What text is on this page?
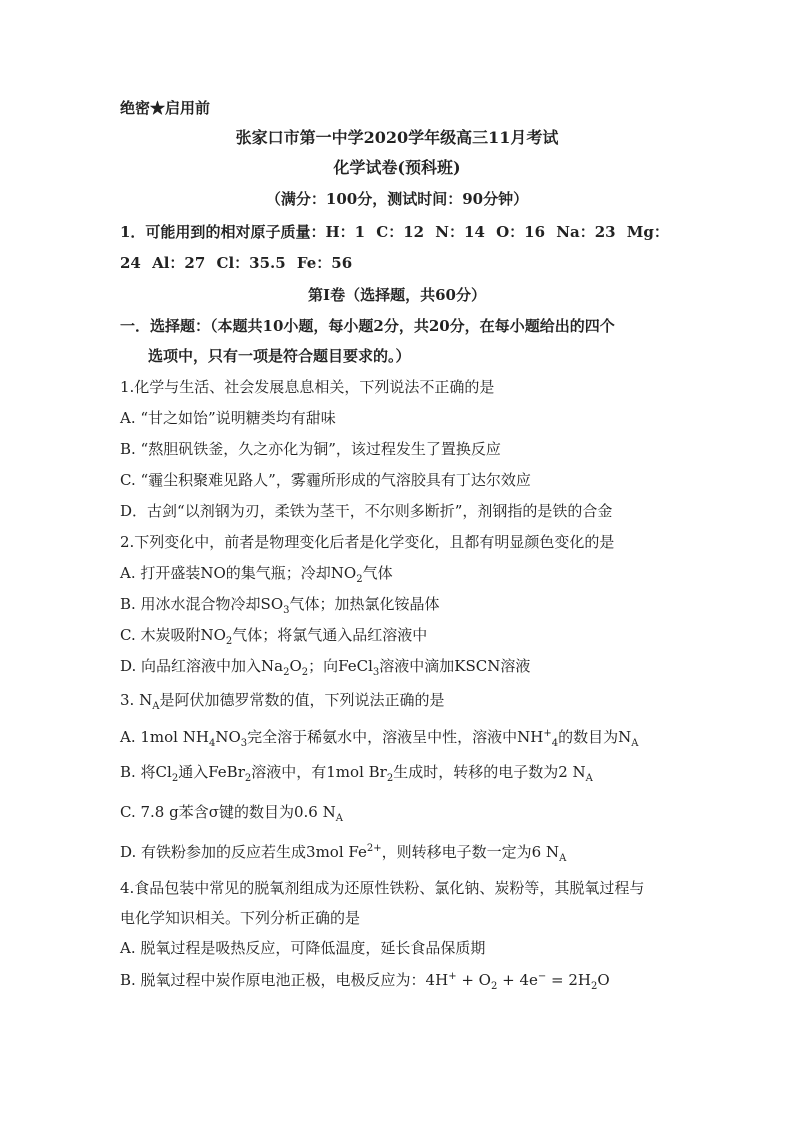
绝密★启用前
张家口市第一中学2020学年级高三11月考试
化学试卷(预科班)
（满分：100分，测试时间：90分钟）
1．可能用到的相对原子质量：H：1 C：12 N：14 O：16 Na：23 Mg：
24 Al：27 Cl：35.5 Fe：56
第Ⅰ卷（选择题，共60分）
一．选择题：（本题共10小题，每小题2分，共20分，在每小题给出的四个
选项中，只有一项是符合题目要求的。）
1.化学与生活、社会发展息息相关，下列说法不正确的是
A. “甘之如饴”说明糖类均有甜味
B. “熬胆矾铁釜，久之亦化为铜”，该过程发生了置换反应
C. “霾尘积聚难见路人”，雾霾所形成的气溶胶具有丁达尔效应
D．古剑“以剂钢为刃，柔铁为茎干，不尔则多断折”，剂钢指的是铁的合金
2.下列变化中，前者是物理变化后者是化学变化，且都有明显颜色变化的是
A. 打开盛装NO的集气瓶；冷却$NO_2$气体
B. 用冰水混合物冷却$SO_3$气体；加热氯化铵晶体
C. 木炭吸附$NO_2$气体；将氯气通入品红溶液中
D. 向品红溶液中加入$Na_2O_2$；向FeCl$_3$溶液中滴加KSCN溶液
3. $N_A$是阿伏加德罗常数的值，下列说法正确的是
A. 1mol $NH_4NO_3$完全溶于稀氨水中，溶液呈中性，溶液中$NH^+_4$的数目为$N_A$
B. 将$Cl_2$通入FeBr$_2$溶液中，有1mol $Br_2$生成时，转移的电子数为2 $N_A$
C. 7.8 g苯含σ键的数目为0.6 $N_A$
D. 有铁粉参加的反应若生成3mol $Fe^{2+}$，则转移电子数一定为6 $N_A$
4.食品包装中常见的脱氧剂组成为还原性铁粉、氯化钠、炭粉等，其脱氧过程与
电化学知识相关。下列分析正确的是
A. 脱氧过程是吸热反应，可降低温度，延长食品保质期
B. 脱氧过程中炭作原电池正极，电极反应为：$4H^+ + O_2 + 4e^- = 2H_2O$
